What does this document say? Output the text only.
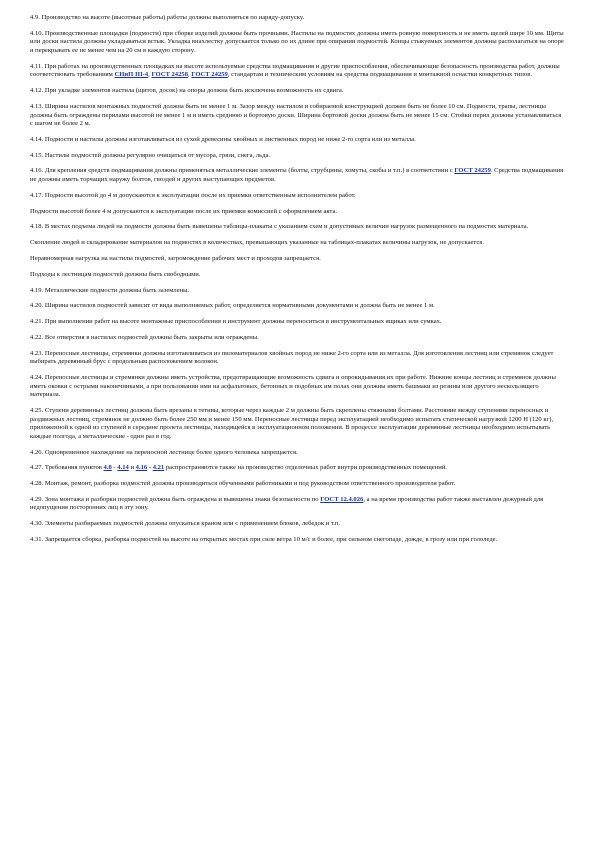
4.9. Производство на высоте (высотные работы) работы должны выполняться по наряду-допуску.

4.10. Производственные площадки (подмости) при сборке изделий должны быть прочными. Настилы на подмостях должны иметь ровную поверхность и не иметь щелей шире 10 мм. Щиты или доски настила должны укладываться встык. Укладка внахлестку допускается только по их длине при опирании подмостей. Концы стыкуемых элементов должны располагаться на опоре и перекрывать ее не менее чем на 20 см в каждую сторону.

4.11. При работах на производственных площадках на высоте используемые средства подмащивания и другие приспособления, обеспечивающие безопасность производства работ, должны соответствовать требованиям СНиП III-4, ГОСТ 24258, ГОСТ 24259, стандартам и техническим условиям на средства подмащивания и монтажной оснастки конкретных типов.

4.12. При укладке элементов настила (щитов, досок) на опоры должна быть исключена возможность их сдвига.

4.13. Ширина настилов монтажных подмостей должна быть не менее 1 м. Зазор между настилом и собираемой конструкцией должен быть не более 10 см. Подмости, трапы, лестницы должны быть ограждены перилами высотой не менее 1 м и иметь среднюю и бортовую доски. Ширина бортовой доски должна быть не менее 15 см. Стойки перил должны устанавливаться с шагом не более 2 м.

4.14. Подмости и настилы должны изготавливаться из сухой древесины хвойных и лиственных пород не ниже 2-го сорта или из металла.

4.15. Настилы подмостей должны регулярно очищаться от мусора, грязи, снега, льда.

4.16. Для крепления средств подмащивания должны применяться металлические элементы (болты, струбцины, хомуты, скобы и т.п.) в соответствии с ГОСТ 24259. Средства подмащивания не должны иметь торчащих наружу болтов, гвоздей и других выступающих предметов.

4.17. Подмости высотой до 4 м допускаются к эксплуатации после их приемки ответственным исполнителем работ.

Подмости высотой более 4 м допускаются к эксплуатации после их приемки комиссией с оформлением акта.

4.18. В местах подъема людей на подмости должны быть вывешены таблицы-плакаты с указанием схем и допустимых величин нагрузок размещенного на подмостях материала.

Скопление людей и складирование материалов на подмостях в количествах, превышающих указанные на таблицах-плакатах величины нагрузок, не допускается.

Неравномерная нагрузка на настилы подмостей, загромождение рабочих мест и проходов запрещается.

Подходы к лестницам подмостей должны быть свободными.

4.19. Металлические подмости должны быть заземлены.

4.20. Ширина настилов подмостей зависит от вида выполняемых работ, определяется нормативными документами и должна быть не менее 1 м.

4.21. При выполнении работ на высоте монтажные приспособления и инструмент должны переноситься в инструментальных ящиках или сумках.

4.22. Все отверстия в настилах подмостей должны быть закрыты или ограждены.

4.23. Переносные лестницы, стремянки должны изготавливаться из пиломатериалов хвойных пород не ниже 2-го сорта или из металла. Для изготовления лестниц или стремянок следует выбирать деревянный брус с продольным расположением волокон.

4.24. Переносные лестницы и стремянки должны иметь устройства, предотвращающие возможность сдвига и опрокидывания их при работе. Нижние концы лестниц и стремянок должны иметь оковки с острыми наконечниками, а при пользовании ими на асфальтовых, бетонных и подобных им полах они должны иметь башмаки из резины или другого нескользящего материала.

4.25. Ступени деревянных лестниц должны быть врезаны в тетивы, которые через каждые 2 м должны быть скреплены стяжными болтами. Расстояние между ступенями переносных и раздвижных лестниц, стремянок не должно быть более 250 мм и менее 150 мм. Переносные лестницы перед эксплуатацией необходимо испытать статической нагрузкой 1200 Н (120 кг), приложенной к одной из ступеней в середине пролета лестницы, находящейся в эксплуатационном положении. В процессе эксплуатации деревянные лестницы необходимо испытывать каждые полгода, а металлические - один раз в год.

4.26. Одновременное нахождение на переносной лестнице более одного человека запрещается.

4.27. Требования пунктов 4.8 - 4.14 и 4.16 - 4.21 распространяются также на производство отделочных работ внутри производственных помещений.

4.28. Монтаж, ремонт, разборка подмостей должны производиться обученными работниками и под руководством ответственного производителя работ.

4.29. Зона монтажа и разборки подмостей должна быть ограждена и вывешены знаки безопасности по ГОСТ 12.4.026, а на время производства работ также выставлен дежурный для недопущения посторонних лиц в эту зону.

4.30. Элементы разбираемых подмостей должны опускаться краном или с применением блоков, лебедок и т.п.

4.31. Запрещается сборка, разборка подмостей на высоте на открытых местах при силе ветра 10 м/с и более, при сильном снегопаде, дожде, в грозу или при гололеде.
